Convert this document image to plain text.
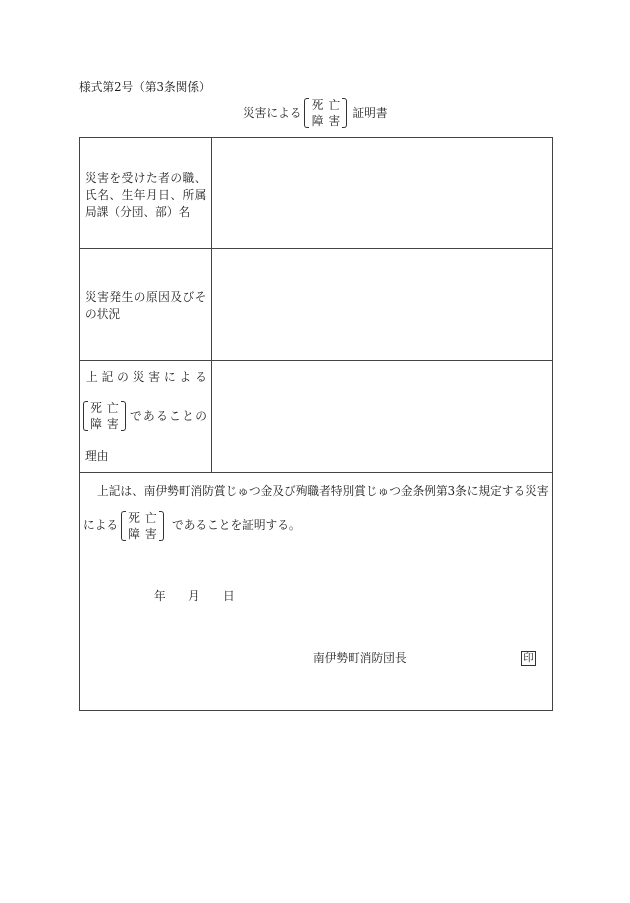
様式第2号（第3条関係）
災害による
死亡
障害
証明書
災害を受けた者の職、
氏名、生年月日、所属
局課（分団、部）名
災害発生の原因及びそ
の状況
上記の災害による
死亡
障害
であることの
理由
上記は、南伊勢町消防賞じゅつ金及び殉職者特別賞じゅつ金条例第3条に規定する災害
による 死亡
障害
であることを証明する。
年 月 日
南伊勢町消防団長	印
